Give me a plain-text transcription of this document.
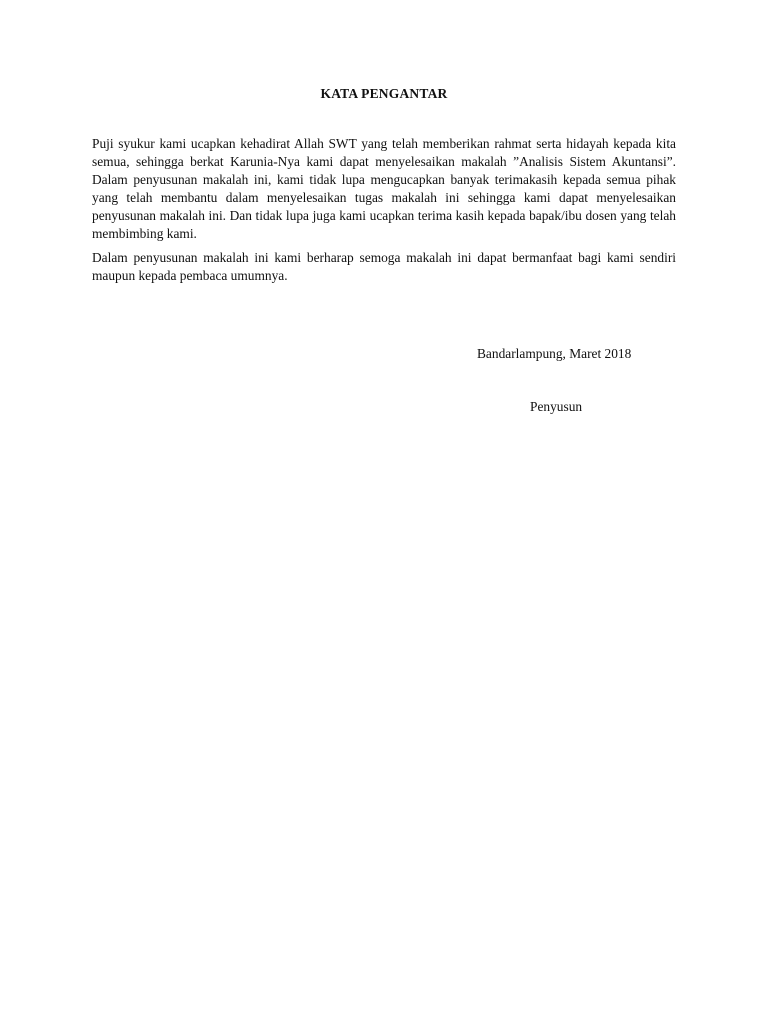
KATA PENGANTAR

Puji syukur kami ucapkan kehadirat Allah SWT yang telah memberikan rahmat serta hidayah kepada kita semua, sehingga berkat Karunia-Nya kami dapat menyelesaikan makalah ”Analisis Sistem Akuntansi”. Dalam penyusunan makalah ini, kami tidak lupa mengucapkan banyak terimakasih kepada semua pihak yang telah membantu dalam menyelesaikan tugas makalah ini sehingga kami dapat menyelesaikan penyusunan makalah ini. Dan tidak lupa juga kami ucapkan terima kasih kepada bapak/ibu dosen yang telah membimbing kami.

Dalam penyusunan makalah ini kami berharap semoga makalah ini dapat bermanfaat bagi kami sendiri maupun kepada pembaca umumnya.

Bandarlampung, Maret 2018
Penyusun
